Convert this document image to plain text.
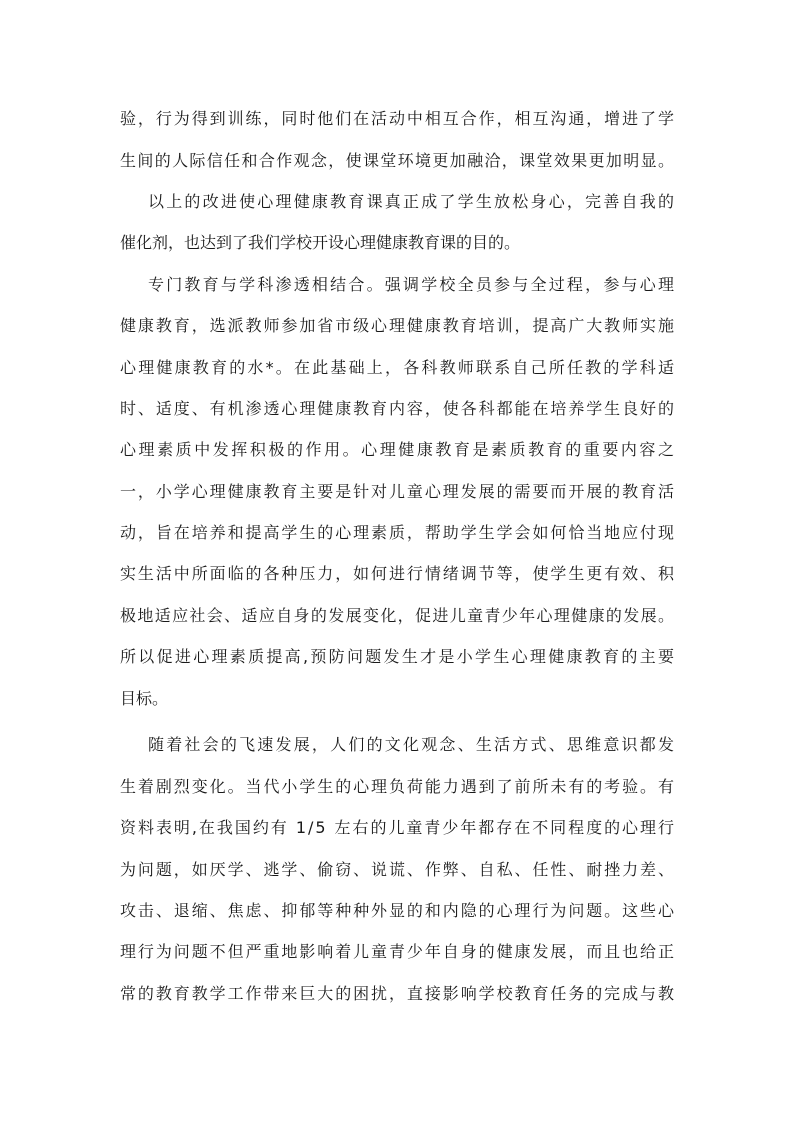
验，行为得到训练，同时他们在活动中相互合作，相互沟通，增进了学

生间的人际信任和合作观念，使课堂环境更加融洽，课堂效果更加明显。

以上的改进使心理健康教育课真正成了学生放松身心，完善自我的

催化剂，也达到了我们学校开设心理健康教育课的目的。

专门教育与学科渗透相结合。强调学校全员参与全过程，参与心理

健康教育，选派教师参加省市级心理健康教育培训，提高广大教师实施

心理健康教育的水*。在此基础上，各科教师联系自己所任教的学科适

时、适度、有机渗透心理健康教育内容，使各科都能在培养学生良好的

心理素质中发挥积极的作用。心理健康教育是素质教育的重要内容之

一，小学心理健康教育主要是针对儿童心理发展的需要而开展的教育活

动，旨在培养和提高学生的心理素质，帮助学生学会如何恰当地应付现

实生活中所面临的各种压力，如何进行情绪调节等，使学生更有效、积

极地适应社会、适应自身的发展变化，促进儿童青少年心理健康的发展。

所以促进心理素质提高,预防问题发生才是小学生心理健康教育的主要

目标。

随着社会的飞速发展，人们的文化观念、生活方式、思维意识都发

生着剧烈变化。当代小学生的心理负荷能力遇到了前所未有的考验。有

资料表明,在我国约有 1/5 左右的儿童青少年都存在不同程度的心理行

为问题，如厌学、逃学、偷窃、说谎、作弊、自私、任性、耐挫力差、

攻击、退缩、焦虑、抑郁等种种外显的和内隐的心理行为问题。这些心

理行为问题不但严重地影响着儿童青少年自身的健康发展，而且也给正

常的教育教学工作带来巨大的困扰，直接影响学校教育任务的完成与教
